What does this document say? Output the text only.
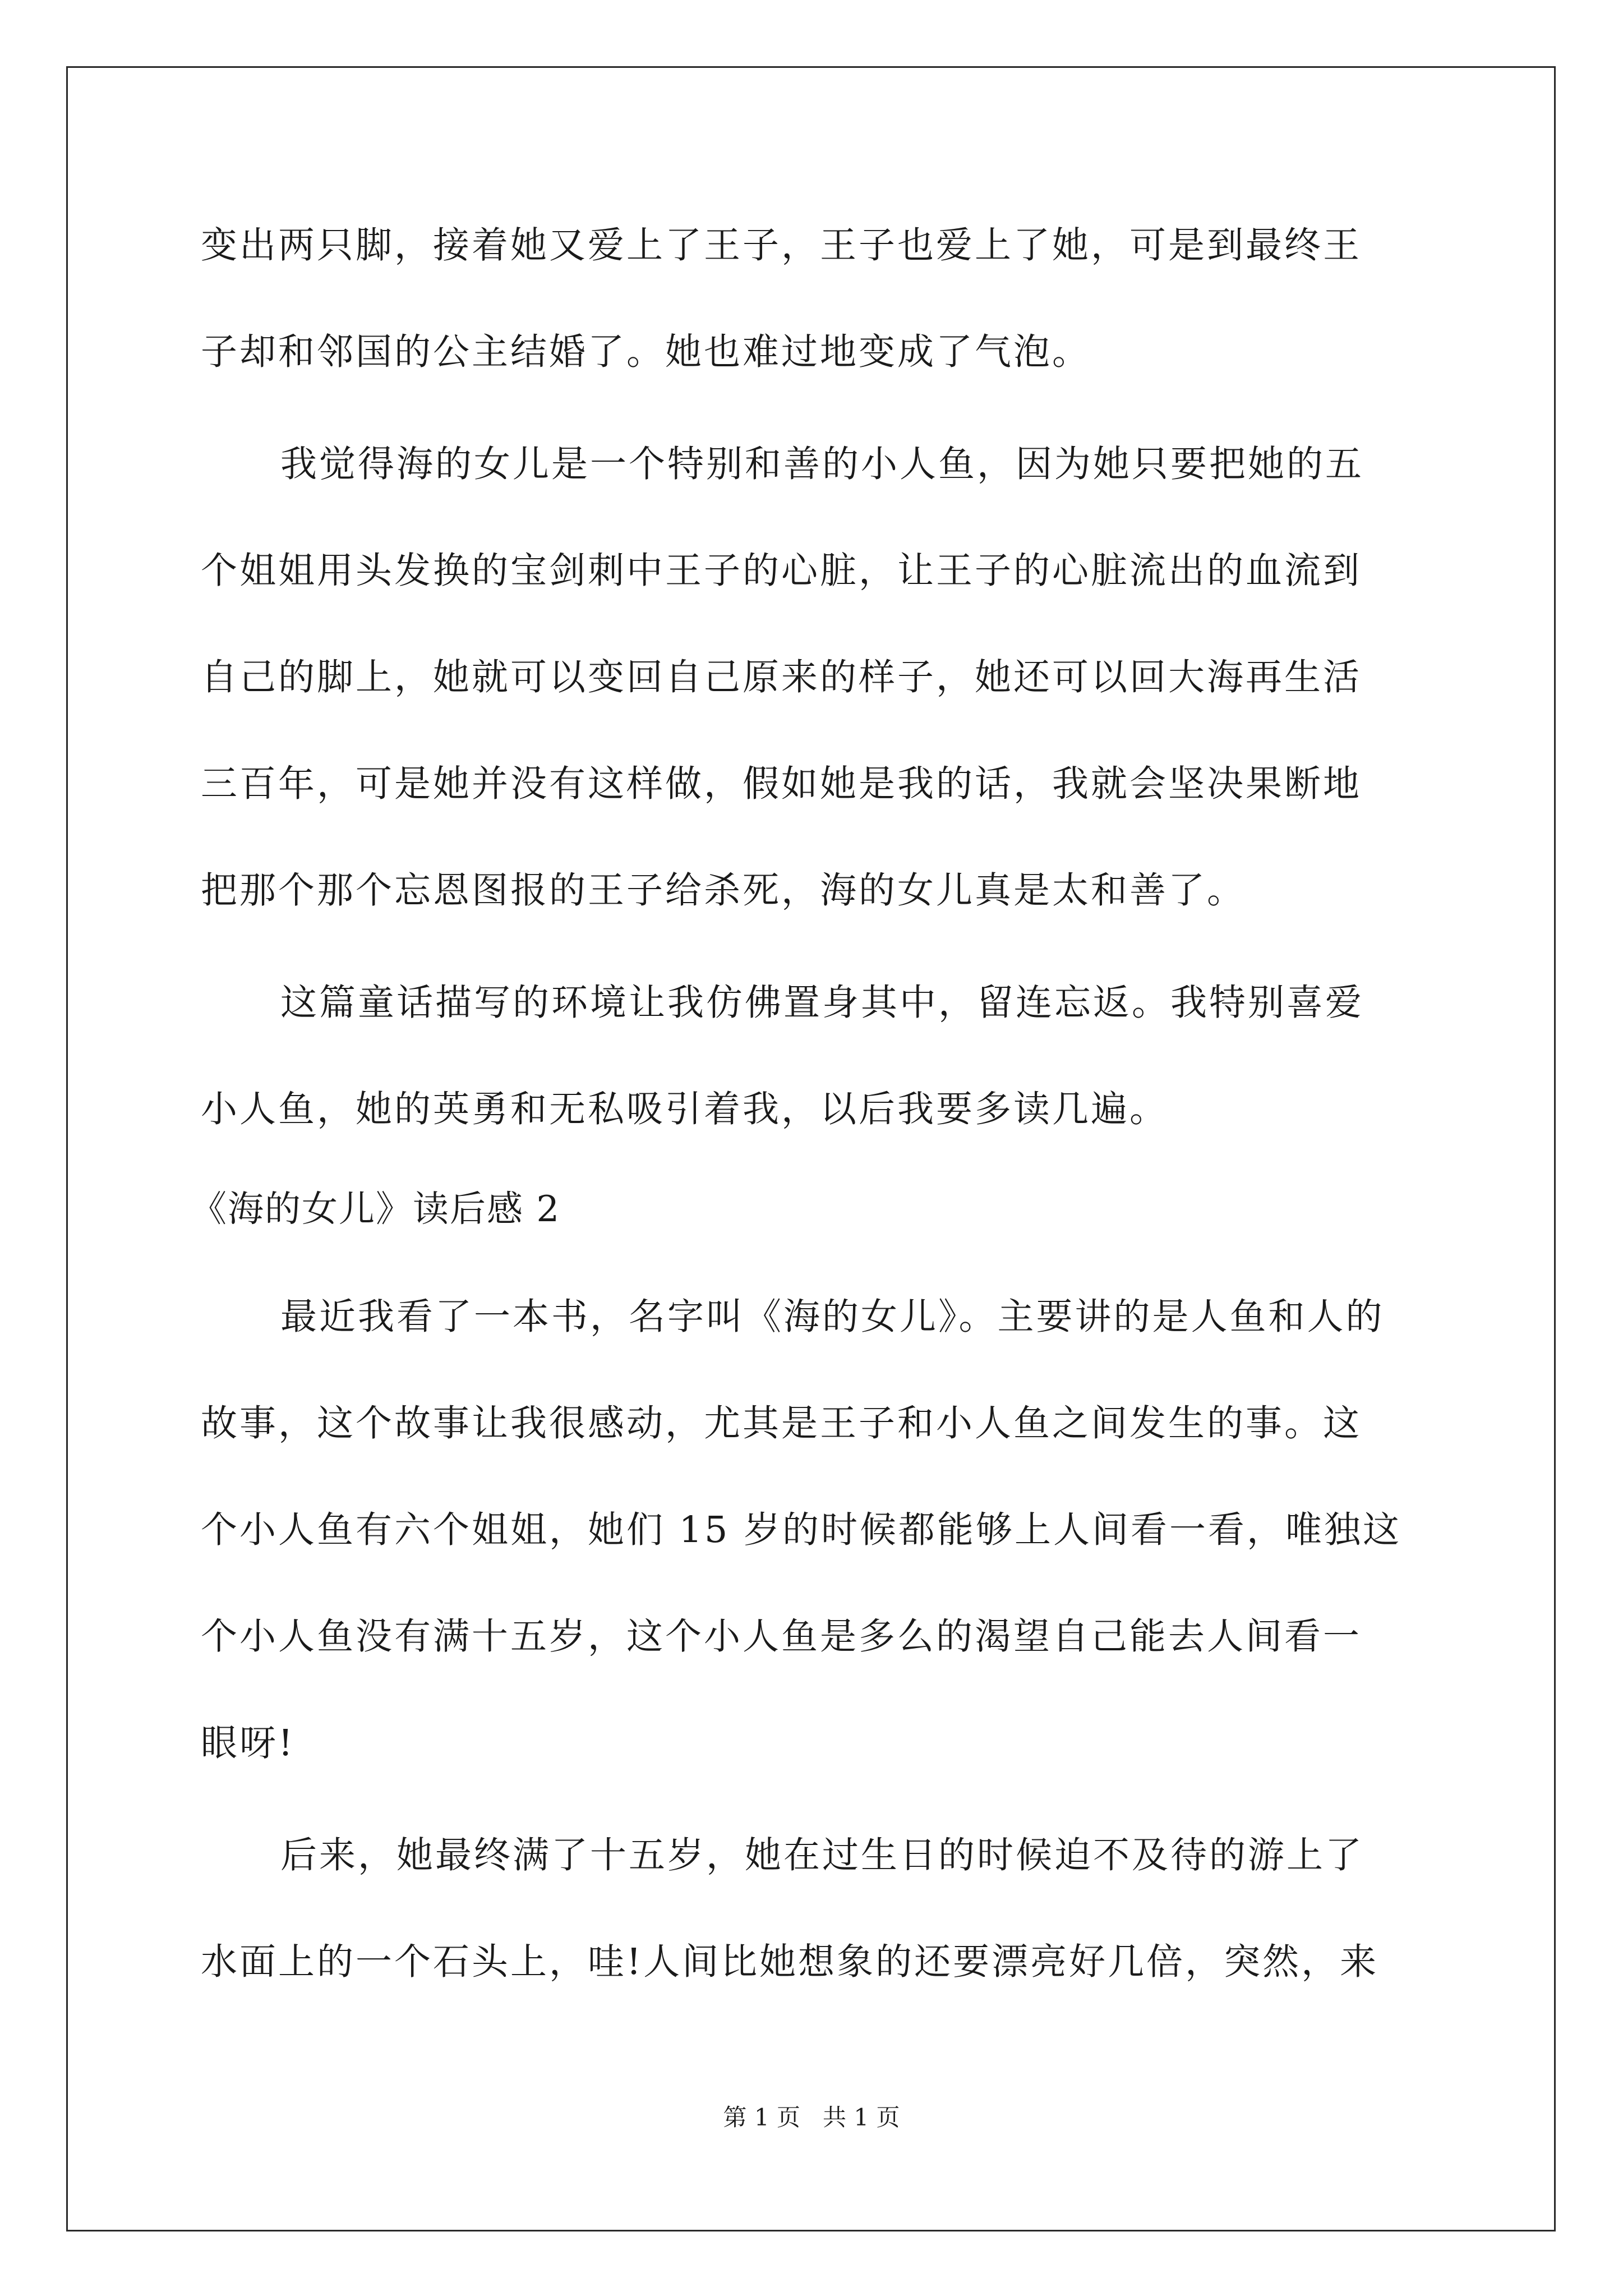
变出两只脚，接着她又爱上了王子，王子也爱上了她，可是到最终王
子却和邻国的公主结婚了。她也难过地变成了气泡。
我觉得海的女儿是一个特别和善的小人鱼，因为她只要把她的五
个姐姐用头发换的宝剑刺中王子的心脏，让王子的心脏流出的血流到
自己的脚上，她就可以变回自己原来的样子，她还可以回大海再生活
三百年，可是她并没有这样做，假如她是我的话，我就会坚决果断地
把那个那个忘恩图报的王子给杀死，海的女儿真是太和善了。
这篇童话描写的环境让我仿佛置身其中，留连忘返。我特别喜爱
小人鱼，她的英勇和无私吸引着我，以后我要多读几遍。
《海的女儿》读后感 2
最近我看了一本书，名字叫《海的女儿》。主要讲的是人鱼和人的
故事，这个故事让我很感动，尤其是王子和小人鱼之间发生的事。这
个小人鱼有六个姐姐，她们 15 岁的时候都能够上人间看一看，唯独这
个小人鱼没有满十五岁，这个小人鱼是多么的渴望自己能去人间看一
眼呀!
后来，她最终满了十五岁，她在过生日的时候迫不及待的游上了
水面上的一个石头上，哇!人间比她想象的还要漂亮好几倍，突然，来
第 1 页   共 1 页
